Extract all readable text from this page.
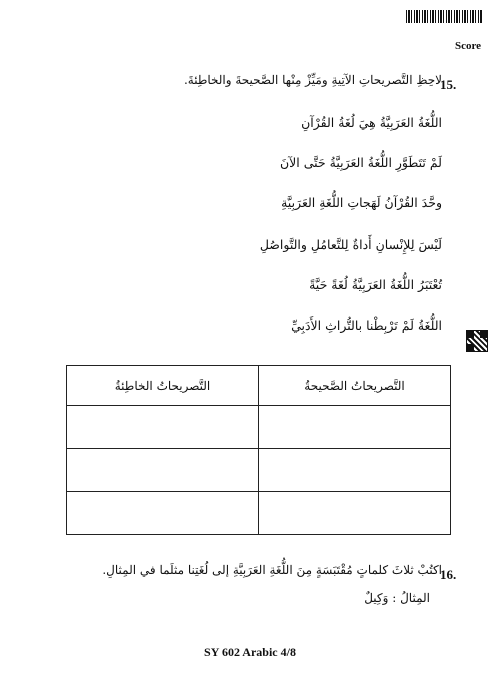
Score
15.
لاحِظِ التَّصريحاتِ الآتِيةِ ومَيِّزْ مِنْها الصَّحيحةَ والخاطِئةَ.
اللُّغَةُ العَرَبِيَّةُ هِيَ لُغَةُ القُرْآنِ
لَمْ تَتَطَوَّرِ اللُّغَةُ العَرَبِيَّةُ حَتَّى الآنَ
وحَّدَ القُرْآنُ لَهَجاتِ اللُّغَةِ العَرَبِيَّةِ
لَيْسَ لِلإِنْسانِ أَداةٌ لِلتَّعامُلِ والتَّواصُلِ
تُعْتَبَرُ اللُّغَةُ العَرَبِيَّةُ لُغَةً حَيَّةً
اللُّغَةُ لَمْ تَرْبِطْنا بالتُّراثِ الأَدَبِيِّ
التَّصريحاتُ الصَّحيحةُ	التَّصريحاتُ الخاطِئةُ

16.
اكتُبْ ثلاثَ كلماتٍ مُقْتَبَسَةٍ مِنَ اللُّغَةِ العَرَبِيَّةِ إلى لُغَتِنا مثلَما في المِثالِ.
المِثالُ : وَكِيلٌ
SY 602 Arabic 4/8
